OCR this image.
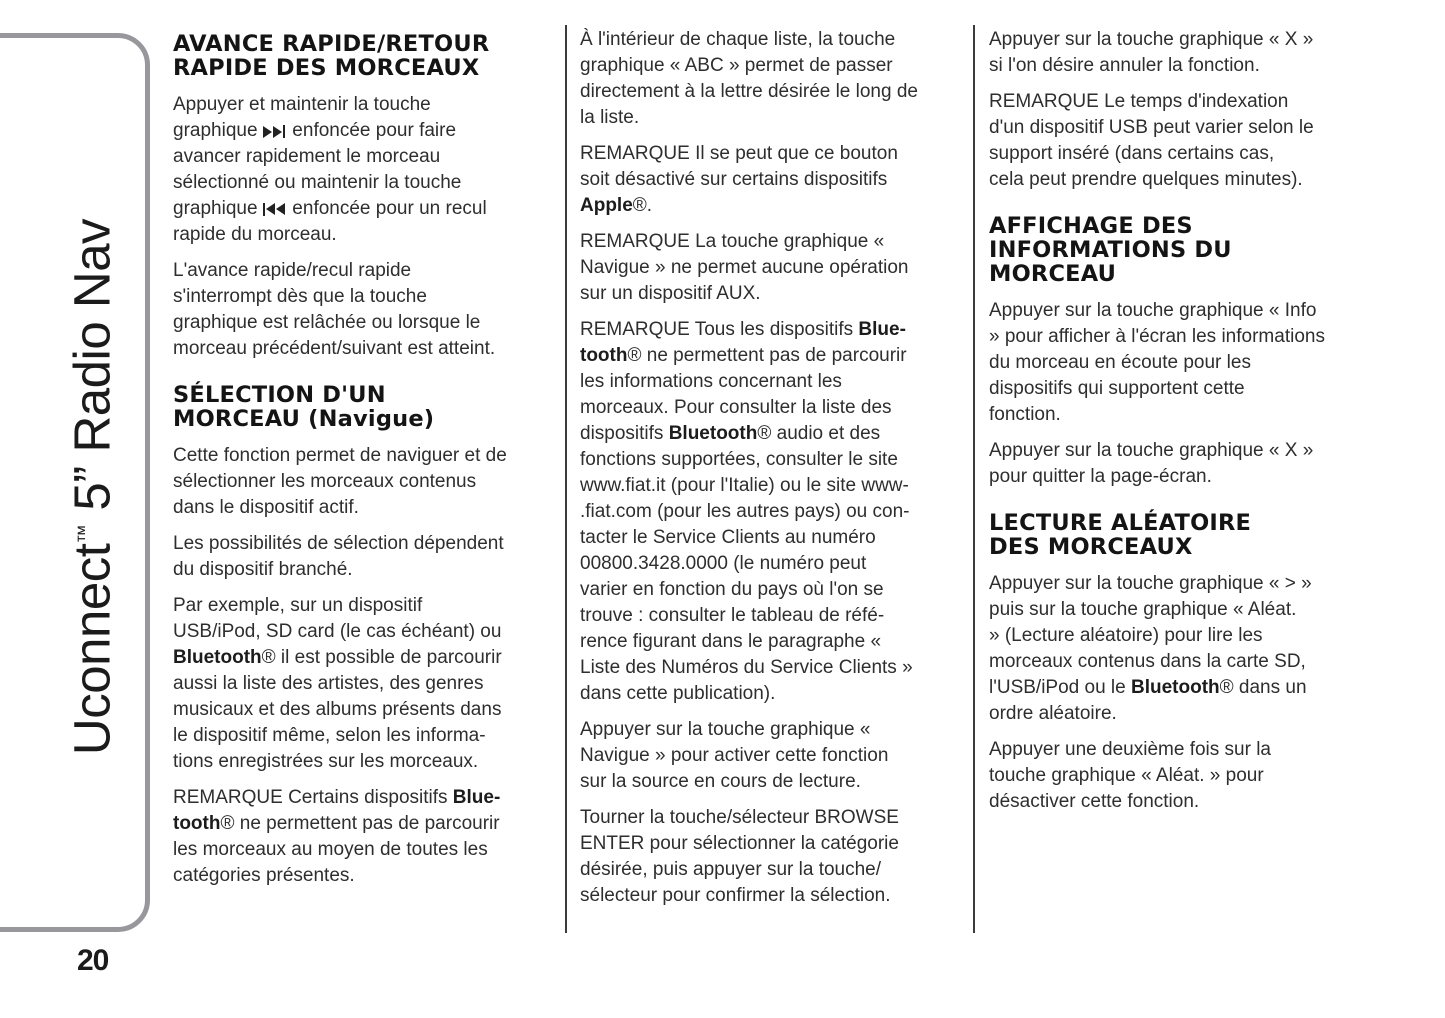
Uconnect™ 5” Radio Nav
20
AVANCE RAPIDE/RETOUR
RAPIDE DES MORCEAUX

Appuyer et maintenir la touche
graphique
enfoncée pour faire
avancer rapidement le morceau
sélectionné ou maintenir la touche
graphique
enfoncée pour un recul
rapide du morceau.

L'avance rapide/recul rapide
s'interrompt dès que la touche
graphique est relâchée ou lorsque le
morceau précédent/suivant est atteint.

SÉLECTION D'UN
MORCEAU (Navigue)

Cette fonction permet de naviguer et de
sélectionner les morceaux contenus
dans le dispositif actif.

Les possibilités de sélection dépendent
du dispositif branché.

Par exemple, sur un dispositif
USB/iPod, SD card (le cas échéant) ou
Bluetooth® il est possible de parcourir
aussi la liste des artistes, des genres
musicaux et des albums présents dans
le dispositif même, selon les informa-
tions enregistrées sur les morceaux.

REMARQUE Certains dispositifs Blue-
tooth® ne permettent pas de parcourir
les morceaux au moyen de toutes les
catégories présentes.

À l'intérieur de chaque liste, la touche
graphique « ABC » permet de passer
directement à la lettre désirée le long de
la liste.

REMARQUE Il se peut que ce bouton
soit désactivé sur certains dispositifs
Apple®.

REMARQUE La touche graphique «
Navigue » ne permet aucune opération
sur un dispositif AUX.

REMARQUE Tous les dispositifs Blue-
tooth® ne permettent pas de parcourir
les informations concernant les
morceaux. Pour consulter la liste des
dispositifs Bluetooth® audio et des
fonctions supportées, consulter le site
www.fiat.it (pour l'Italie) ou le site www-
.fiat.com (pour les autres pays) ou con-
tacter le Service Clients au numéro
00800.3428.0000 (le numéro peut
varier en fonction du pays où l'on se
trouve : consulter le tableau de réfé-
rence figurant dans le paragraphe «
Liste des Numéros du Service Clients »
dans cette publication).

Appuyer sur la touche graphique «
Navigue » pour activer cette fonction
sur la source en cours de lecture.

Tourner la touche/sélecteur BROWSE
ENTER pour sélectionner la catégorie
désirée, puis appuyer sur la touche/
sélecteur pour confirmer la sélection.

Appuyer sur la touche graphique « X »
si l'on désire annuler la fonction.

REMARQUE Le temps d'indexation
d'un dispositif USB peut varier selon le
support inséré (dans certains cas,
cela peut prendre quelques minutes).

AFFICHAGE DES
INFORMATIONS DU
MORCEAU

Appuyer sur la touche graphique « Info
» pour afficher à l'écran les informations
du morceau en écoute pour les
dispositifs qui supportent cette
fonction.

Appuyer sur la touche graphique « X »
pour quitter la page-écran.

LECTURE ALÉATOIRE
DES MORCEAUX

Appuyer sur la touche graphique « > »
puis sur la touche graphique « Aléat.
» (Lecture aléatoire) pour lire les
morceaux contenus dans la carte SD,
l'USB/iPod ou le Bluetooth® dans un
ordre aléatoire.

Appuyer une deuxième fois sur la
touche graphique « Aléat. » pour
désactiver cette fonction.
